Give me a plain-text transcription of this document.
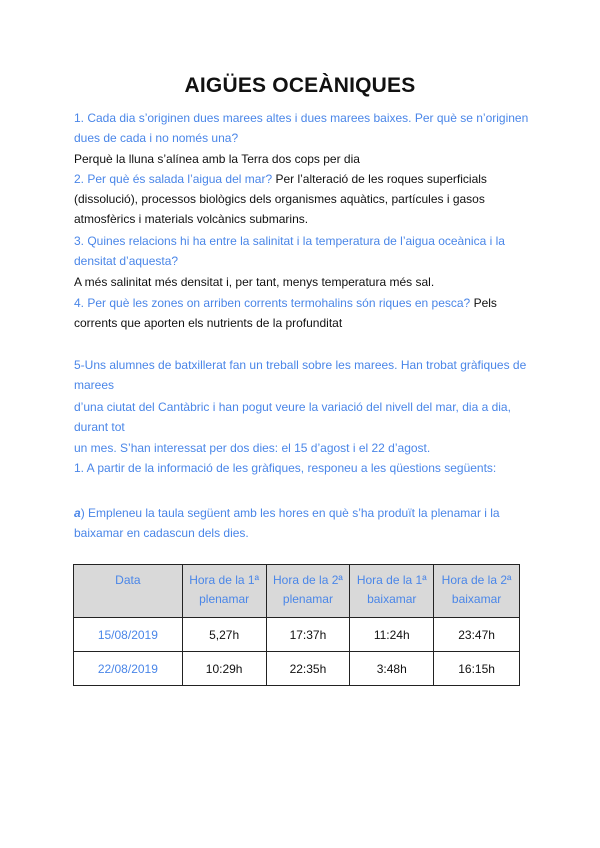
AIGÜES OCEÀNIQUES

1. Cada dia s’originen dues marees altes i dues marees baixes. Per què se n’originen dues de cada i no només una?

Perquè la lluna s’alínea amb la Terra dos cops per dia

2. Per què és salada l’aigua del mar? Per l’alteració de les roques superficials (dissolució), processos biològics dels organismes aquàtics, partícules i gasos atmosfèrics i materials volcànics submarins.

3. Quines relacions hi ha entre la salinitat i la temperatura de l’aigua oceànica i la densitat d’aquesta?

A més salinitat més densitat i, per tant, menys temperatura més sal.

4. Per què les zones on arriben corrents termohalins són riques en pesca? Pels corrents que aporten els nutrients de la profunditat

5-Uns alumnes de batxillerat fan un treball sobre les marees. Han trobat gràfiques de marees

d’una ciutat del Cantàbric i han pogut veure la variació del nivell del mar, dia a dia, durant tot

un mes. S’han interessat per dos dies: el 15 d’agost i el 22 d’agost.

1. A partir de la informació de les gràfiques, responeu a les qüestions següents:

a) Empleneu la taula següent amb les hores en què s’ha produït la plenamar i la baixamar en cadascun dels dies.

Data	Hora de la 1ª plenamar	Hora de la 2ª plenamar	Hora de la 1ª baixamar	Hora de la 2ª baixamar
15/08/2019	5,27h	17:37h	11:24h	23:47h
22/08/2019	10:29h	22:35h	3:48h	16:15h
